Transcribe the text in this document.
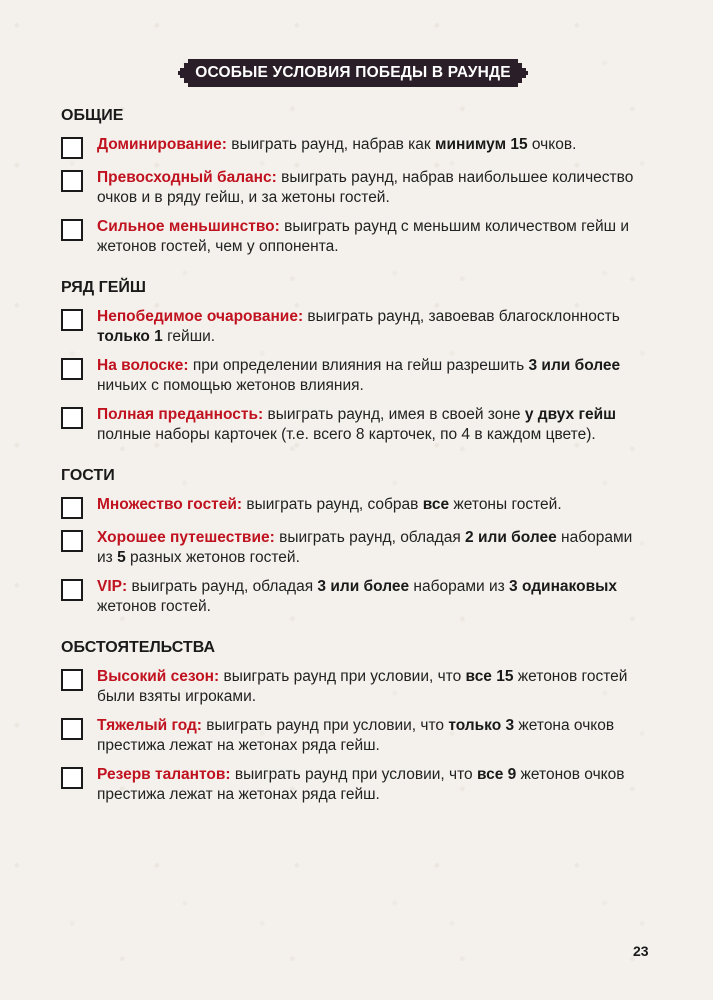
ОСОБЫЕ УСЛОВИЯ ПОБЕДЫ В РАУНДЕ
ОБЩИЕ
Доминирование: выиграть раунд, набрав как минимум 15 очков.
Превосходный баланс: выиграть раунд, набрав наибольшее количество очков и в ряду гейш, и за жетоны гостей.
Сильное меньшинство: выиграть раунд с меньшим количеством гейш и жетонов гостей, чем у оппонента.
РЯД ГЕЙШ
Непобедимое очарование: выиграть раунд, завоевав благосклонность только 1 гейши.
На волоске: при определении влияния на гейш разрешить 3 или более ничьих с помощью жетонов влияния.
Полная преданность: выиграть раунд, имея в своей зоне у двух гейш полные наборы карточек (т.е. всего 8 карточек, по 4 в каждом цвете).
ГОСТИ
Множество гостей: выиграть раунд, собрав все жетоны гостей.
Хорошее путешествие: выиграть раунд, обладая 2 или более наборами из 5 разных жетонов гостей.
VIP: выиграть раунд, обладая 3 или более наборами из 3 одинаковых жетонов гостей.
ОБСТОЯТЕЛЬСТВА
Высокий сезон: выиграть раунд при условии, что все 15 жетонов гостей были взяты игроками.
Тяжелый год: выиграть раунд при условии, что только 3 жетона очков престижа лежат на жетонах ряда гейш.
Резерв талантов: выиграть раунд при условии, что все 9 жетонов очков престижа лежат на жетонах ряда гейш.
23
